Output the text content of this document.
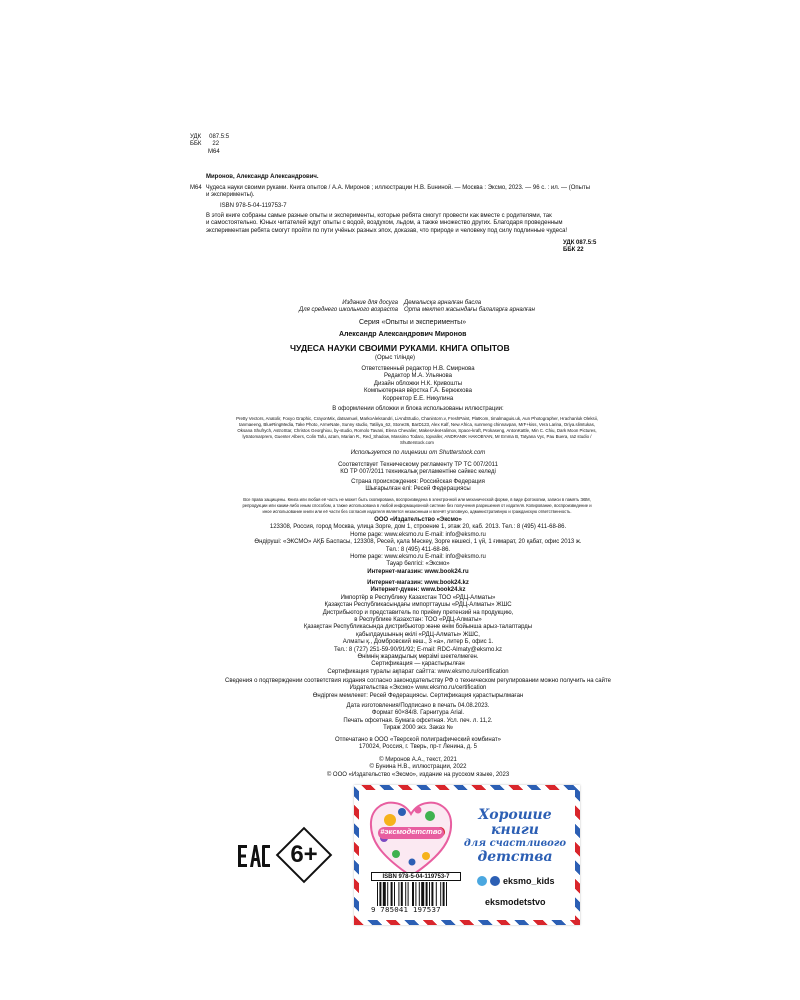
УДК 087.5:5
ББК 22
М64
Миронов, Александр Александрович.
М64 Чудеса науки своими руками. Книга опытов / А.А. Миронов ; иллюстрации Н.В. Бuнинoй. — Москва : Эксмо, 2023. — 96 с. : ил. — (Опыты
и эксперименты).
ISBN 978-5-04-119753-7
В этой книге собраны самые разные опыты и эксперименты, которые ребята смогут провести как вместе с родителями, так
и самостоятельно. Юных читателей ждут опыты с водой, воздухом, льдом, а также множество других. Благодаря проведенным
экспериментам ребята смогут пройти по пути учёных разных эпох, доказав, что природе и человеку под силу подлинные чудеса!
УДК 087.5:5
ББК 22
Издание для досуга
Для среднего школьного возраста
Демалысқа арналған басла
Орта мектеп жасындағы балаларға арналған
Серия «Опыты и эксперименты»
Александр Александрович Миронов
ЧУДЕСА НАУКИ СВОИМИ РУКАМИ. КНИГА ОПЫТОВ
(Орыс тілінде)
Ответственный редактор Н.В. Смирнова
Редактор М.А. Ульянова
Дизайн обложки Н.К. Кривошты
Компьютерная вёрстка Г.А. Берюкхова
Корректор Е.Е. Никулина
В оформлении обложки и блока использованы иллюстрации:
Pretty Vectors, Anatolir, Foxyo Graphic, CrayonMix, datsamuel, MarkoAleksandri, LiAndStudio, Chanintorn.v, FreshPaint, PlatKom, timalmaguis.uk, Aun Photographer, Hrachanluk Oleksii,
tanmaeeng, BlueRingMedia, Take Photo, ArmeNate, Sunny studio, Tatiliya_62, Stone36, BarD123, Alex Kalf, New Africa, sunmeng chinnavpan, MrF+kiss, Vera Larina, Oriya.slimtukas,
Oksana Shufrych, AstroStar, Christos Georghiou, by-studio, Romolo Tavani, Elena Chevalier, MakesAlexHalimov, Space-kraft, Prokaseng, AntonKattle, Min C. Chiu, Dark Moon Pictures,
lytratomarprem, Guenter Albers, Colin Tafu, azam, Marian R., Red_Shadow, Massimo Todaro, topvaller, ANDRANIK HAKOBYAN, Mr Emma B, Tatyana Vyc, Pau Buera, ra2 studio /
Shutterstock.com
Используется по лицензии от Shutterstock.com
Соответствует Техническому регламенту ТР ТС 007/2011
КО ТР 007/2011 техникалық регламентіне сәйкес келеді
Страна происхождения: Российская Федерация
Шығарылған елі: Ресей Федерациясы
Все права защищены. Книга или любая её часть не может быть скопирована, воспроизведена в электронной или механической форме, в виде фотокопии, записи в память ЭВМ,
репродукции или каким-либо иным способом, а также использована в любой информационной системе без получения разрешения от издателя. Копирование, воспроизведение и
иное использование книги или её части без согласия издателя является незаконным и влечёт уголовную, административную и гражданскую ответственность.
ООО «Издательство «Эксмо»
123308, Россия, город Москва, улица Зорге, дом 1, строение 1, этаж 20, каб. 2013. Тел.: 8 (495) 411-68-86.
Home page: www.eksmo.ru E-mail: info@eksmo.ru
Өндіруші: «ЭКСМО» АҚБ Баспасы, 123308, Ресей, қала Мәскеу, Зорге көшесі, 1 үй, 1 ғимарат, 20 қабат, офис 2013 ж.
Тел.: 8 (495) 411-68-86.
Home page: www.eksmo.ru E-mail: info@eksmo.ru
Тауар белгісі: «Эксмо»
Интернет-магазин: www.book24.ru
Интернет-магазин: www.book24.kz
Интернет-дүкен: www.book24.kz
Импортёр в Республику Казахстан ТОО «РДЦ-Алматы»
Қазақстан Республикасындағы импорттаушы «РДЦ-Алматы» ЖШС
Дистрибьютор и представитель по приёму претензий на продукцию,
в Республике Казахстан: ТОО «РДЦ-Алматы»
Қазақстан Республикасында дистрибьютор және өнім бойынша арыз-талаптарды
қабылдаушының өкілі «РДЦ-Алматы» ЖШС,
Алматы қ., Домбровский көш., 3 «а», литер Б, офис 1.
Тел.: 8 (727) 251-59-90/91/92; E-mail: RDC-Almaty@eksmo.kz
Өнімнің жарамдылық мерзімі шектелмеген.
Сертификация — қарастырылған
Сертификация туралы ақпарат сайтта: www.eksmo.ru/certification
Сведения о подтверждении соответствия издания согласно законодательству РФ о техническом регулировании можно получить на сайте
Издательства «Эксмо» www.eksmo.ru/certification
Өндірген мемлекет: Ресей Федерациясы. Сертификация қарастырылмаған
Дата изготовления/Подписано в печать 04.08.2023.
Формат 60×84/8. Гарнитура Arial.
Печать офсетная. Бумага офсетная. Усл. печ. л. 11,2.
Тираж 2000 экз. Заказ №
Отпечатано в ООО «Тверской полиграфический комбинат»
170024, Россия, г. Тверь, пр-т Ленина, д. 5
© Миронов А.А., текст, 2021
© Бунина Н.В., иллюстрации, 2022
© ООО «Издательство «Эксмо», издание на русском языке, 2023
6+
#эксмодетство
Хорошие
книги
для счастливого
детства
ISBN 978-5-04-119753-7
9 785041 197537
eksmo_kids
eksmodetstvo
